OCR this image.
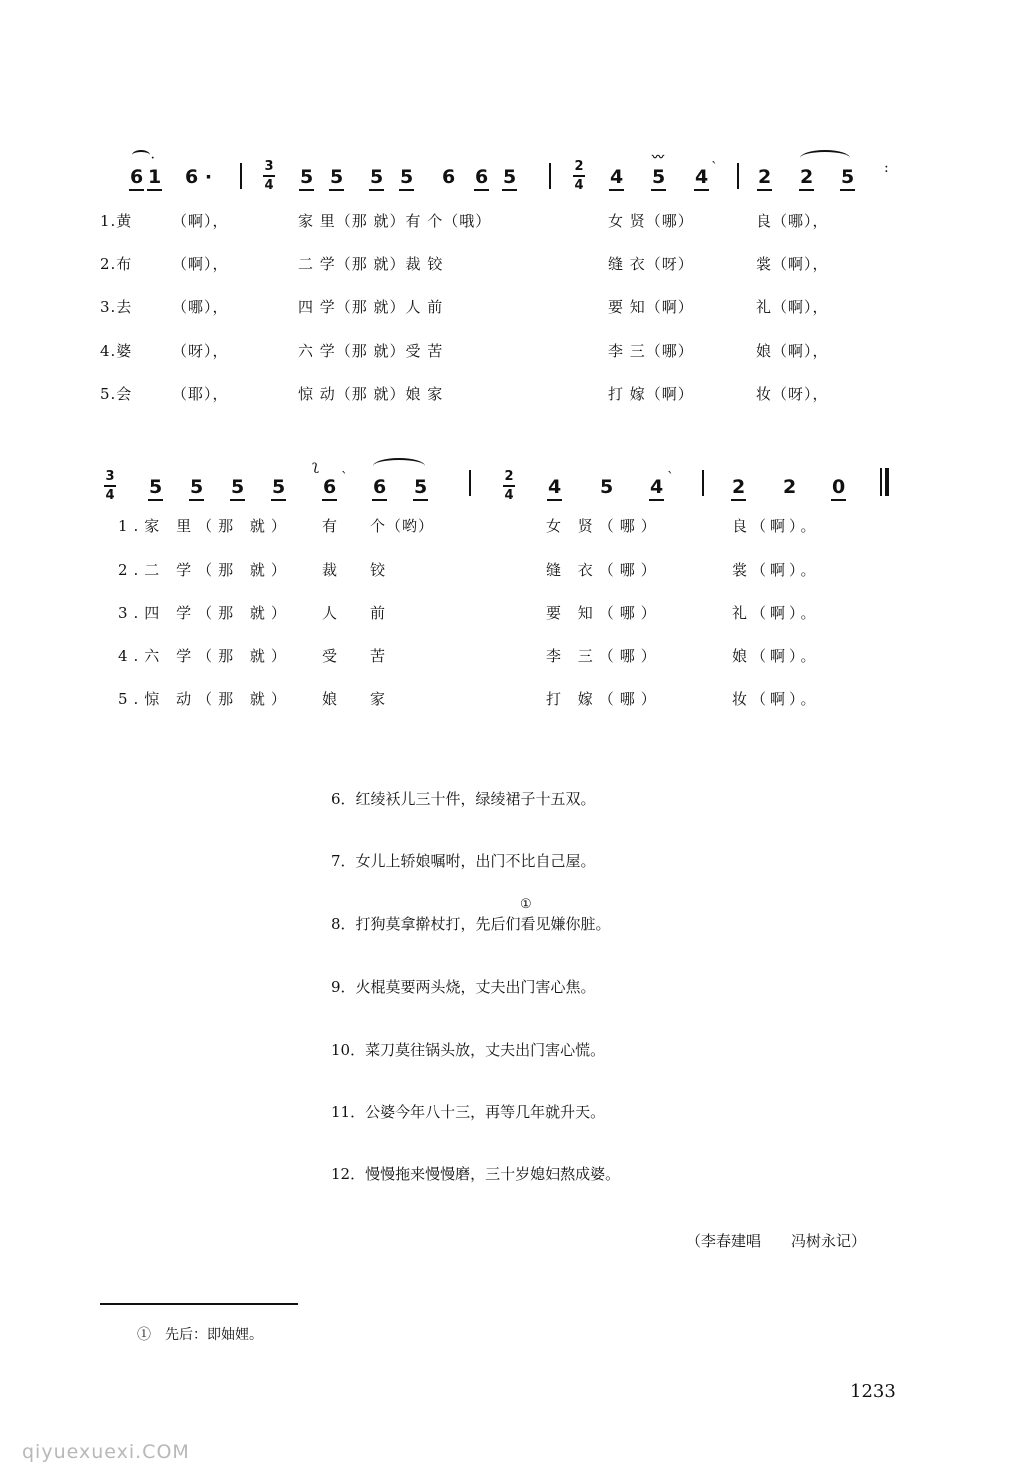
6 1
·
6 ·	3
4 5 5 5 5 6 6 5	2
4 4
〰
5 4 ˋ 2 2 5 :
1.黄	（啊），	家 里（那 就）有 个（哦）	女 贤（哪）	良（哪），
2.布	（啊），	二 学（那 就）裁 铰	缝 衣（呀）	裳（啊），
3.去	（哪），	四 学（那 就）人 前	要 知（啊）	礼（啊），
4.婆	（呀），	六 学（那 就）受 苦	李 三（哪）	娘（啊），
5.会	（耶），	惊 动（那 就）娘 家	打 嫁（啊）	妆（呀），
3
4 5 5 5 5
ʅ
6 ˋ 6 5	2
4 4 5 4 ˋ	2 2 0
1.家 里（那 就） 有 个（哟）	女 贤（哪）	良（啊）。
2.二 学（那 就） 裁 铰	缝 衣（哪）	裳（啊）。
3.四 学（那 就） 人 前	要 知（哪）	礼（啊）。
4.六 学（那 就） 受 苦	李 三（哪）	娘（啊）。
5.惊 动（那 就） 娘 家	打 嫁（哪）	妆（啊）。
6．红绫袄儿三十件，绿绫裙子十五双。
7．女儿上轿娘嘱咐，出门不比自己屋。
①
8．打狗莫拿擀杖打，先后们看见嫌你脏。
9．火棍莫要两头烧，丈夫出门害心焦。
10．菜刀莫往锅头放，丈夫出门害心慌。
11．公婆今年八十三，再等几年就升天。
12．慢慢拖来慢慢磨，三十岁媳妇熬成婆。
（李春建唱　　冯树永记）
①　先后：即妯娌。
1233
qiyuexuexi.COM
